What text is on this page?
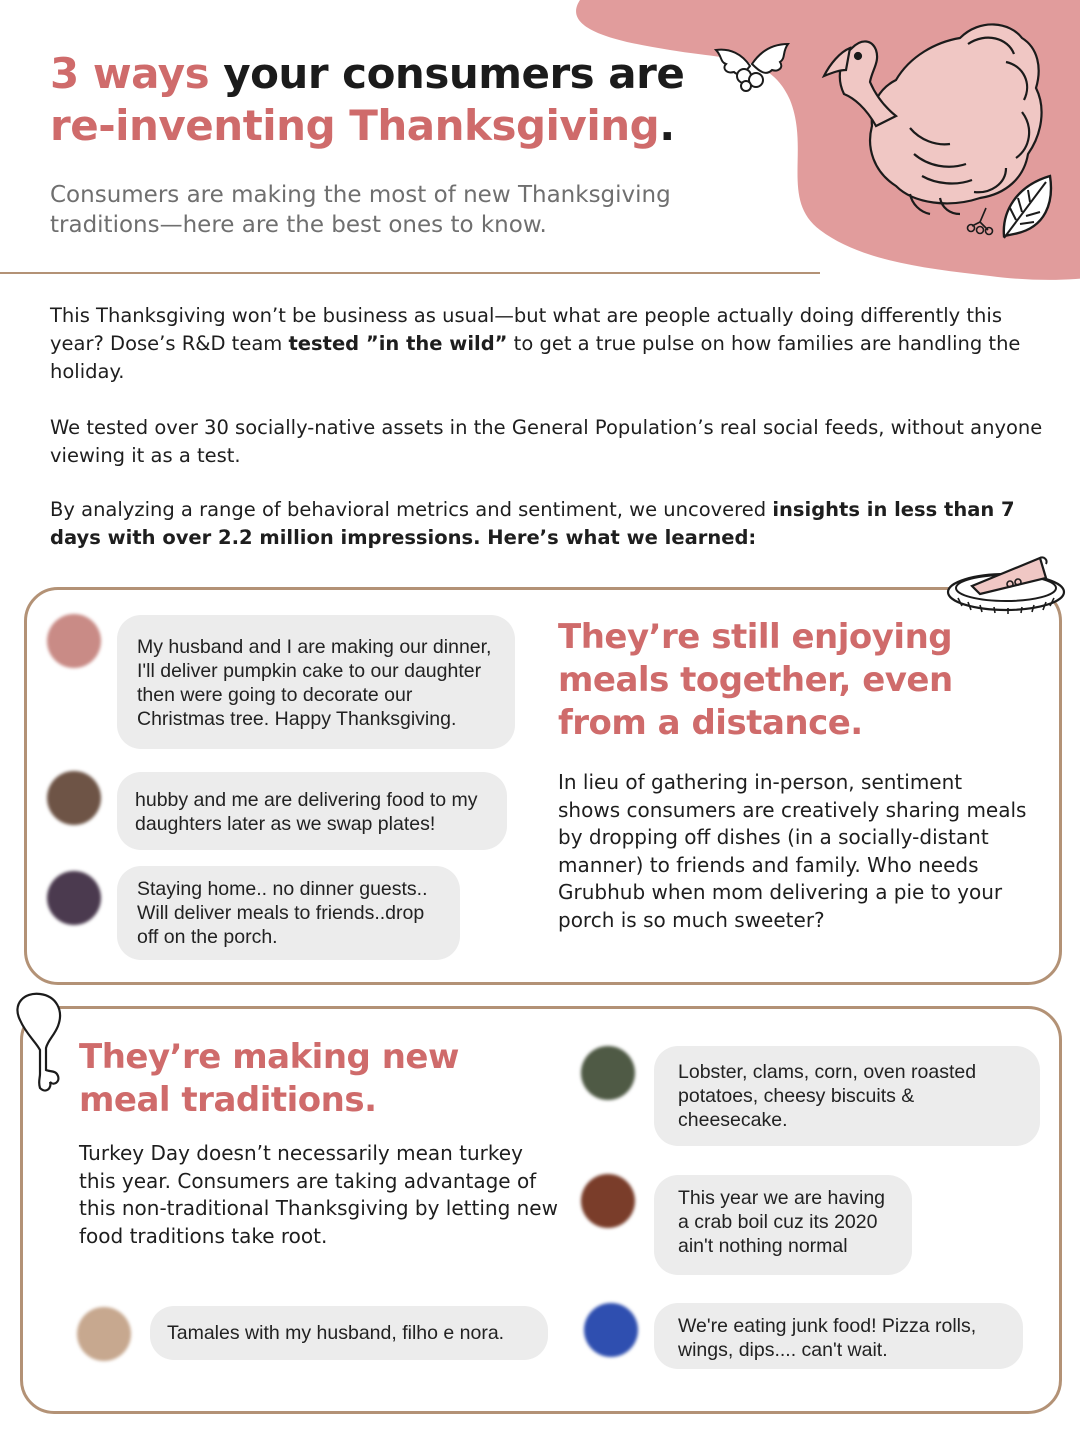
3 ways your consumers are
re-inventing Thanksgiving.

Consumers are making the most of new Thanksgiving traditions—here are the best ones to know.

This Thanksgiving won’t be business as usual—but what are people actually doing differently this year? Dose’s R&D team tested ”in the wild” to get a true pulse on how families are handling the holiday.

We tested over 30 socially-native assets in the General Population’s real social feeds, without anyone viewing it as a test.

By analyzing a range of behavioral metrics and sentiment, we uncovered insights in less than 7 days with over 2.2 million impressions. Here’s what we learned:

My husband and I are making our dinner, I'll deliver pumpkin cake to our daughter then were going to decorate our Christmas tree. Happy Thanksgiving.
hubby and me are delivering food to my daughters later as we swap plates!
Staying home.. no dinner guests.. Will deliver meals to friends..drop off on the porch.
They’re still enjoying meals together, even from a distance.

In lieu of gathering in-person, sentiment shows consumers are creatively sharing meals by dropping off dishes (in a socially-distant manner) to friends and family. Who needs Grubhub when mom delivering a pie to your porch is so much sweeter?

They’re making new meal traditions.

Turkey Day doesn’t necessarily mean turkey this year. Consumers are taking advantage of this non-traditional Thanksgiving by letting new food traditions take root.

Tamales with my husband, filho e nora.
Lobster, clams, corn, oven roasted potatoes, cheesy biscuits & cheesecake.
This year we are having a crab boil cuz its 2020 ain't nothing normal
We're eating junk food! Pizza rolls, wings, dips.... can't wait.
